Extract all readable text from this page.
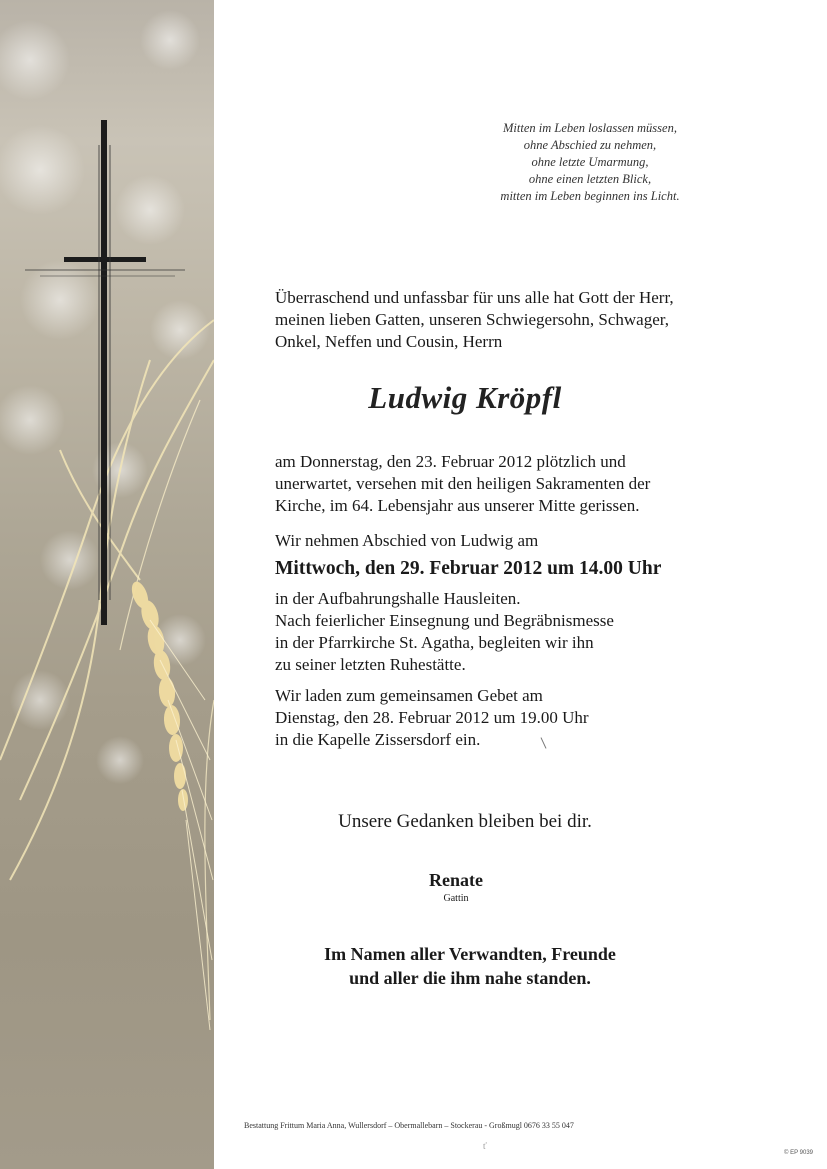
Mitten im Leben loslassen müssen,
ohne Abschied zu nehmen,
ohne letzte Umarmung,
ohne einen letzten Blick,
mitten im Leben beginnen ins Licht.
Überraschend und unfassbar für uns alle hat Gott der Herr,
meinen lieben Gatten, unseren Schwiegersohn, Schwager,
Onkel, Neffen und Cousin, Herrn
Ludwig Kröpfl
am Donnerstag, den 23. Februar 2012 plötzlich und
unerwartet, versehen mit den heiligen Sakramenten der
Kirche, im 64. Lebensjahr aus unserer Mitte gerissen.
Wir nehmen Abschied von Ludwig am
Mittwoch, den 29. Februar 2012 um 14.00 Uhr
in der Aufbahrungshalle Hausleiten.
Nach feierlicher Einsegnung und Begräbnismesse
in der Pfarrkirche St. Agatha, begleiten wir ihn
zu seiner letzten Ruhestätte.
Wir laden zum gemeinsamen Gebet am
Dienstag, den 28. Februar 2012 um 19.00 Uhr
in die Kapelle Zissersdorf ein.
Unsere Gedanken bleiben bei dir.
Renate
Gattin
Im Namen aller Verwandten, Freunde
und aller die ihm nahe standen.
Bestattung Frittum Maria Anna, Wullersdorf – Obermallebarn – Stockerau - Großmugl 0676 33 55 047
ť
© EP 9039
